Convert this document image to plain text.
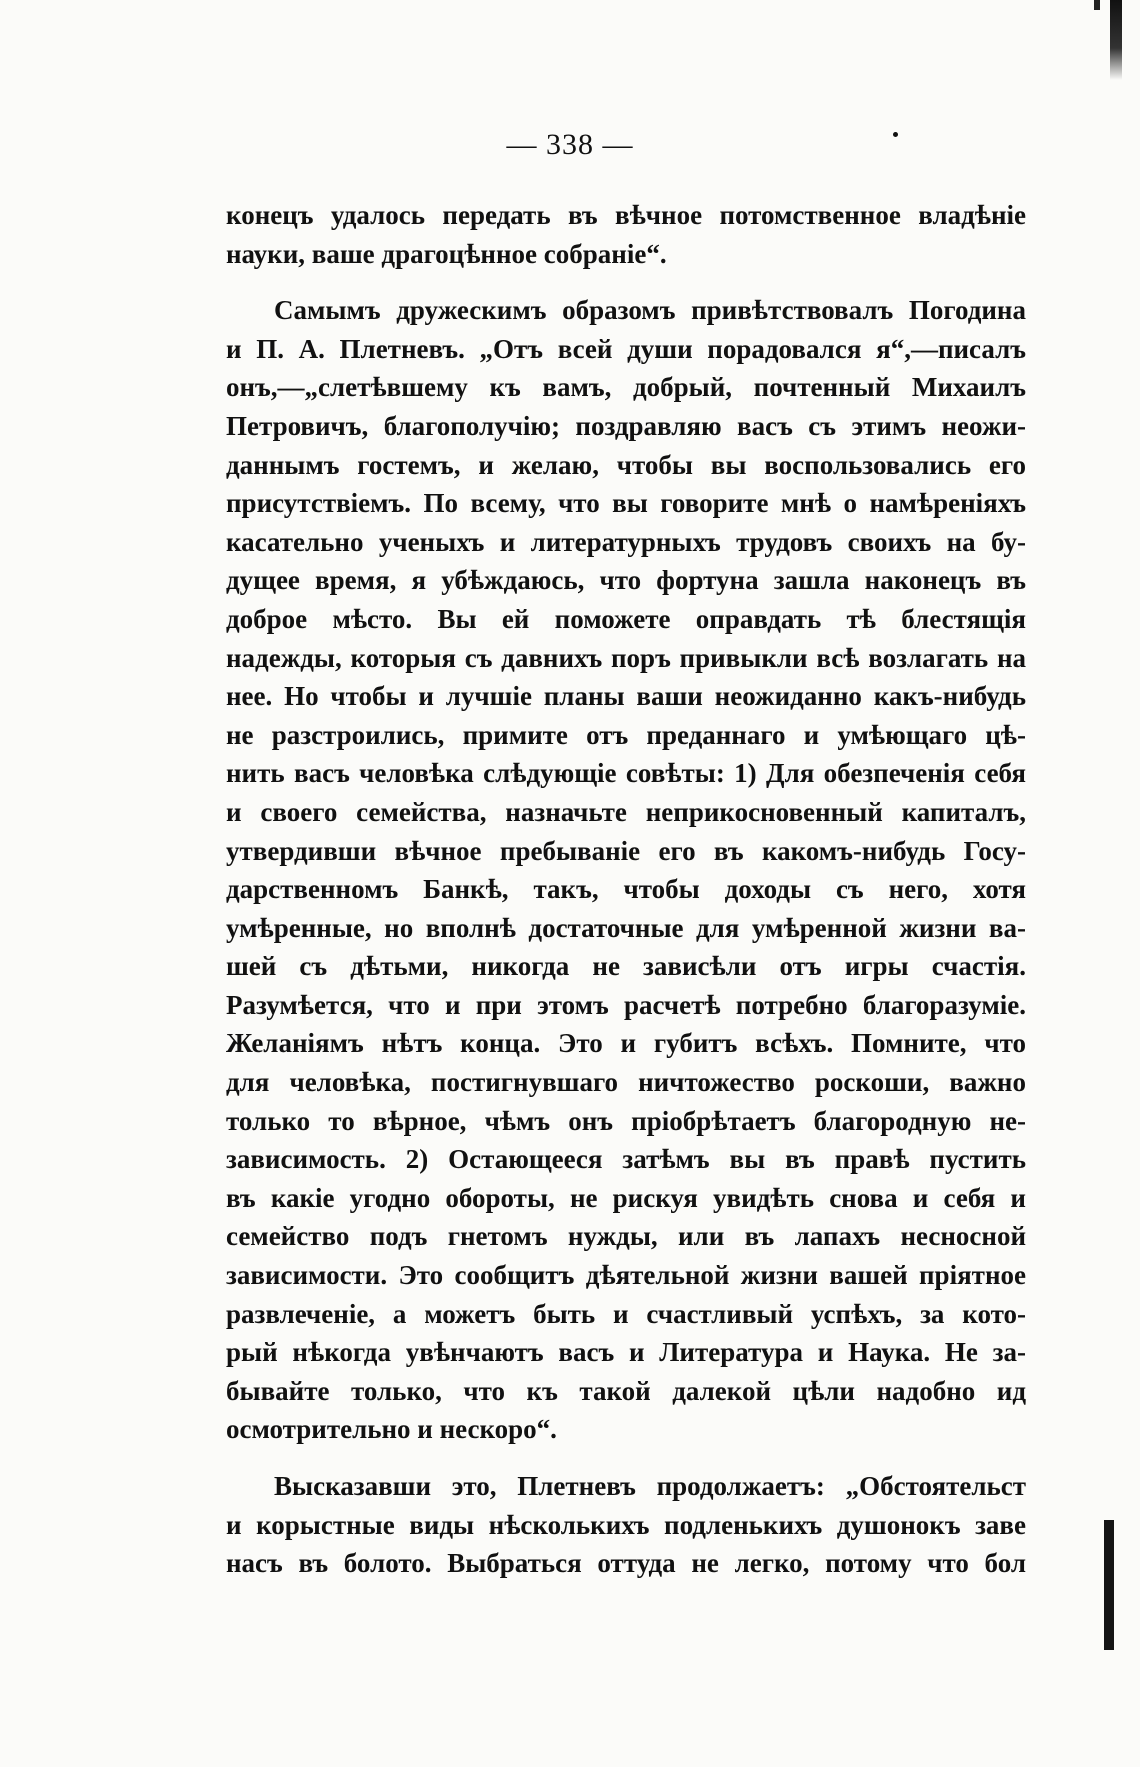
— 338 —
конецъ удалось передать въ вѣчное потомственное владѣніе
науки, ваше драгоцѣнное собраніе“.
Самымъ дружескимъ образомъ привѣтствовалъ Погодина
и П. А. Плетневъ. „Отъ всей души порадовался я“,—писалъ
онъ,—„слетѣвшему къ вамъ, добрый, почтенный Михаилъ
Петровичъ, благополучію; поздравляю васъ съ этимъ неожи-
даннымъ гостемъ, и желаю, чтобы вы воспользовались его
присутствіемъ. По всему, что вы говорите мнѣ о намѣреніяхъ
касательно ученыхъ и литературныхъ трудовъ своихъ на бу-
дущее время, я убѣждаюсь, что фортуна зашла наконецъ въ
доброе мѣсто. Вы ей поможете оправдать тѣ блестящія
надежды, которыя съ давнихъ поръ привыкли всѣ возлагать на
нее. Но чтобы и лучшіе планы ваши неожиданно какъ-нибудь
не разстроились, примите отъ преданнаго и умѣющаго цѣ-
нить васъ человѣка слѣдующіе совѣты: 1) Для обезпеченія себя
и своего семейства, назначьте неприкосновенный капиталъ,
утвердивши вѣчное пребываніе его въ какомъ-нибудь Госу-
дарственномъ Банкѣ, такъ, чтобы доходы съ него, хотя
умѣренные, но вполнѣ достаточные для умѣренной жизни ва-
шей съ дѣтьми, никогда не зависѣли отъ игры счастія.
Разумѣется, что и при этомъ расчетѣ потребно благоразуміе.
Желаніямъ нѣтъ конца. Это и губитъ всѣхъ. Помните, что
для человѣка, постигнувшаго ничтожество роскоши, важно
только то вѣрное, чѣмъ онъ пріобрѣтаетъ благородную не-
зависимость. 2) Остающееся затѣмъ вы въ правѣ пустить
въ какіе угодно обороты, не рискуя увидѣть снова и себя и
семейство подъ гнетомъ нужды, или въ лапахъ несносной
зависимости. Это сообщитъ дѣятельной жизни вашей пріятное
развлеченіе, а можетъ быть и счастливый успѣхъ, за кото-
рый нѣкогда увѣнчаютъ васъ и Литература и Наука. Не за-
бывайте только, что къ такой далекой цѣли надобно ид
осмотрительно и нескоро“.
Высказавши это, Плетневъ продолжаетъ: „Обстоятельст
и корыстные виды нѣсколькихъ подленькихъ душонокъ заве
насъ въ болото. Выбраться оттуда не легко, потому что бол
